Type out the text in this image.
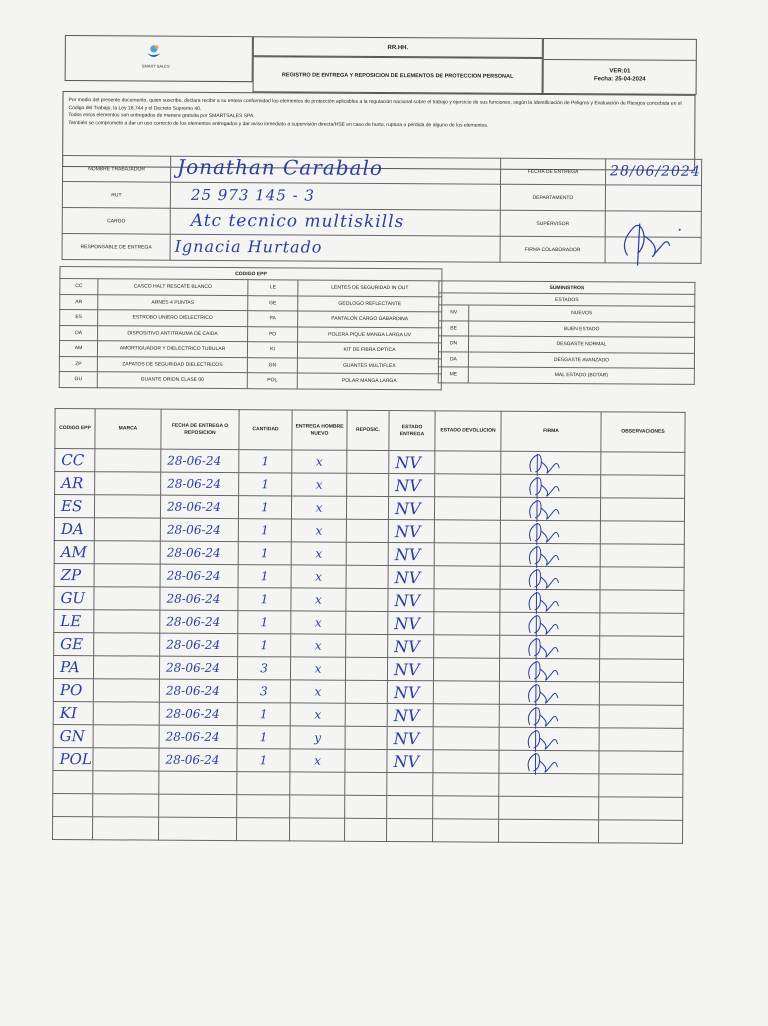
SMART SALES
RR.HH.
REGISTRO DE ENTREGA Y REPOSICION DE ELEMENTOS DE PROTECCION PERSONAL
VER:01
Fecha: 25-04-2024

Por medio del presente documento, quien suscribe, declara recibir a su entera conformidad los elementos de protección aplicables a la regulación nacional sobre el trabajo y ejercicio de sus funciones, según la Identificación de Peligros y Evaluación de Riesgos concebida en el Código del Trabajo, la Ley 16.744 y el Decreto Supremo 40.

Todos estos elementos son entregados de manera gratuita por SMARTSALES SPA.

También se compromete a dar un uso correcto de los elementos entregados y dar aviso inmediato a supervisión directa/HSE en caso de hurto, ruptura o pérdida de alguno de los elementos.

NOMBRE TRABAJADOR	Jonathan Carabalo	FECHA DE ENTREGA	28/06/2024

RUT	25 973 145 - 3	DEPARTAMENTO	
CARGO	Atc tecnico multiskills	SUPERVISOR	
RESPONSABLE DE ENTREGA	Ignacia Hurtado	FIRMA COLABORADOR	
CODIGO EPP			
CC	CASCO HALT RESCATE BLANCO	LE	LENTES DE SEGURIDAD IN OUT
AR	ARNES 4 PUNTAS	GE	GEOLOGO REFLECTANTE
ES	ESTROBO UNIERO DIELECTRICO	PA	PANTALON CARGO GABARDINA
DA	DISPOSITIVO ANTITRAUMA DE CAIDA	PO	POLERA PIQUE MANGA LARGA UV
AM	AMORTIGUADOR Y DIELECTRICO TUBULAR	KI	KIT DE FIBRA OPTICA
ZP	ZAPATOS DE SEGURIDAD DIELECTRICOS	GN	GUANTES MULTIFLEX
GU	GUANTE ORION CLASE 00	POL	POLAR MANGA LARGA
SUMINISTROS	
ESTADOS	
NV	NUEVOS
BE	BUEN ESTADO
DN	DESGASTE NORMAL
DA	DESGASTE AVANZADO
ME	MAL ESTADO (BOTAR)
CODIGO EPP	MARCA	FECHA DE ENTREGA O REPOSICION	CANTIDAD	ENTREGA HOMBRE NUEVO	REPOSIC.	ESTADO ENTREGA	ESTADO DEVOLUCION	FIRMA	OBSERVACIONES

CC		28-06-24	1	x		NV

AR		28-06-24	1	x		NV

ES		28-06-24	1	x		NV

DA		28-06-24	1	x		NV

AM		28-06-24	1	x		NV

ZP		28-06-24	1	x		NV

GU		28-06-24	1	x		NV

LE		28-06-24	1	x		NV

GE		28-06-24	1	x		NV

PA		28-06-24	3	x		NV

PO		28-06-24	3	x		NV

KI		28-06-24	1	x		NV

GN		28-06-24	1	y		NV

POL		28-06-24	1	x		NV
